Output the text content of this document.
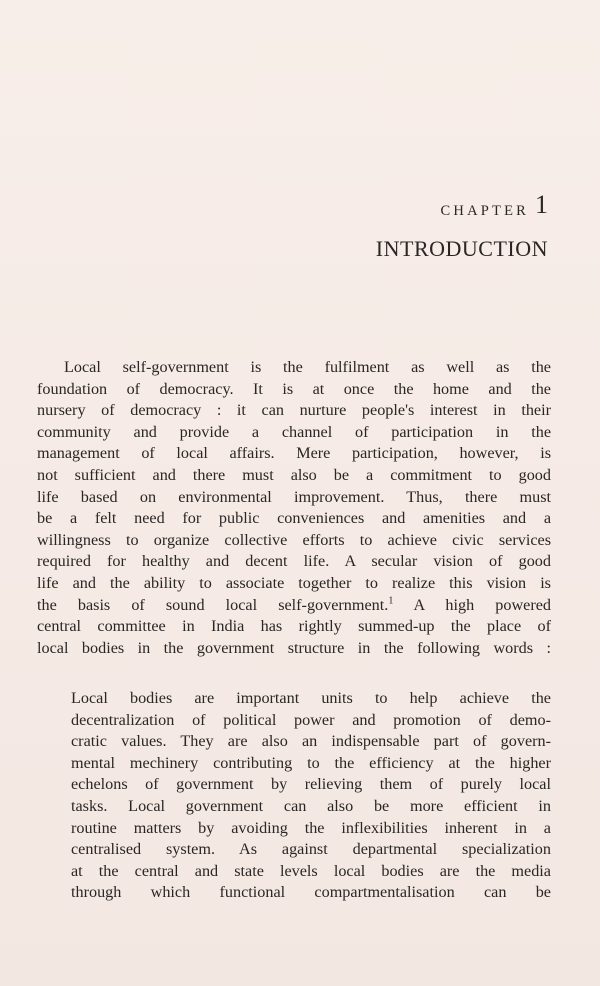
CHAPTER 1
INTRODUCTION
Local self-government is the fulfilment as well as the
foundation of democracy. It is at once the home and the
nursery of democracy : it can nurture people's interest in their
community and provide a channel of participation in the
management of local affairs. Mere participation, however, is
not sufficient and there must also be a commitment to good
life based on environmental improvement. Thus, there must
be a felt need for public conveniences and amenities and a
willingness to organize collective efforts to achieve civic services
required for healthy and decent life. A secular vision of good
life and the ability to associate together to realize this vision is
the basis of sound local self-government.$^1$ A high powered
central committee in India has rightly summed-up the place of
local bodies in the government structure in the following words :
Local bodies are important units to help achieve the
decentralization of political power and promotion of demo-
cratic values. They are also an indispensable part of govern-
mental mechinery contributing to the efficiency at the higher
echelons of government by relieving them of purely local
tasks. Local government can also be more efficient in
routine matters by avoiding the inflexibilities inherent in a
centralised system. As against departmental specialization
at the central and state levels local bodies are the media
through which functional compartmentalisation can be
